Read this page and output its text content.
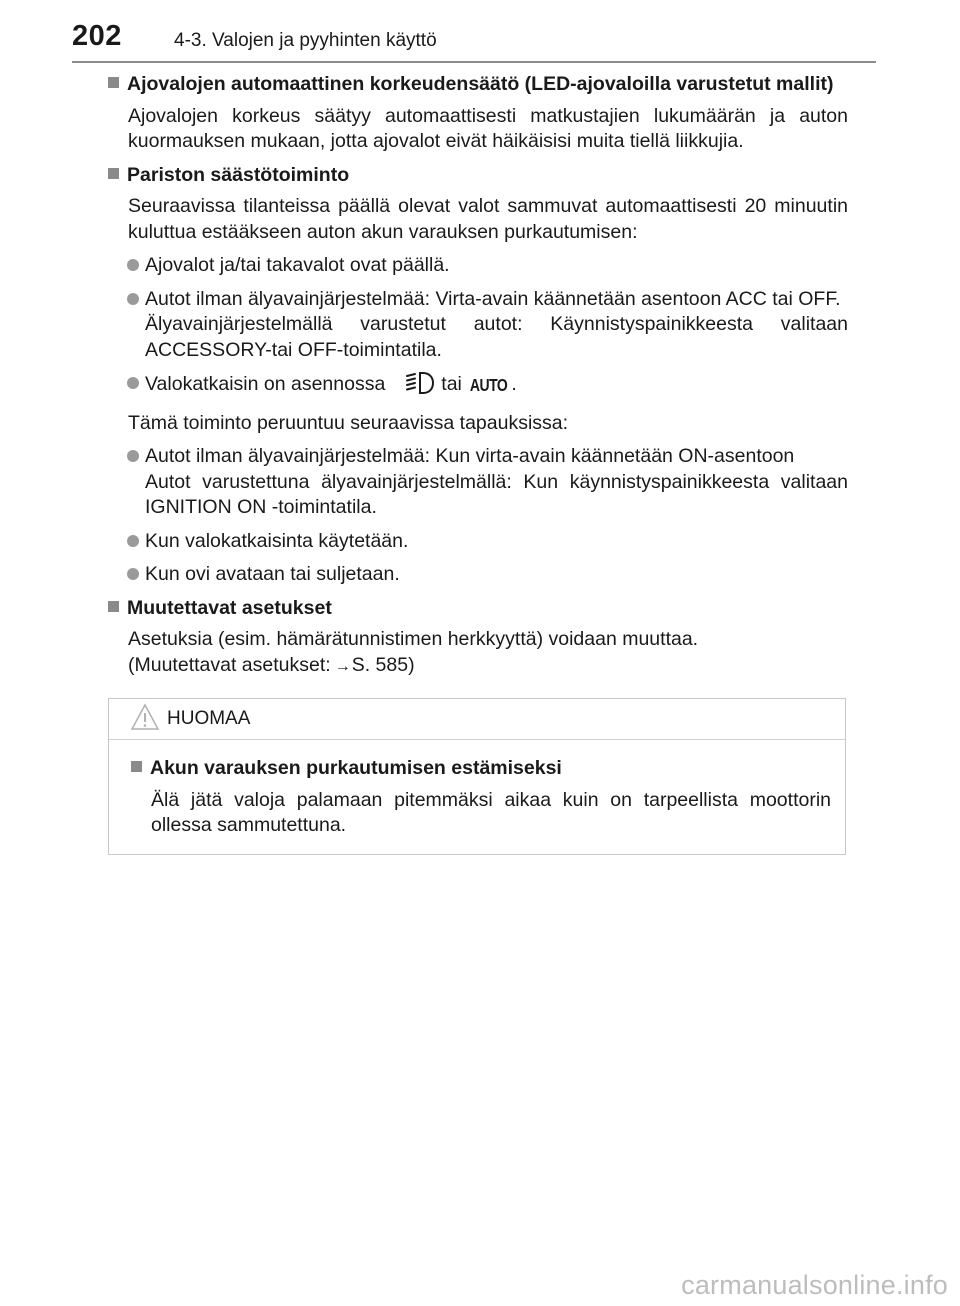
202	4-3. Valojen ja pyyhinten käyttö
Ajovalojen automaattinen korkeudensäätö (LED-ajovaloilla varustetut mallit)
Ajovalojen korkeus säätyy automaattisesti matkustajien lukumäärän ja auton kuormauksen mukaan, jotta ajovalot eivät häikäisisi muita tiellä liikkujia.
Pariston säästötoiminto
Seuraavissa tilanteissa päällä olevat valot sammuvat automaattisesti 20 minuutin kuluttua estääkseen auton akun varauksen purkautumisen:
Ajovalot ja/tai takavalot ovat päällä.
Autot ilman älyavainjärjestelmää: Virta-avain käännetään asentoon ACC tai OFF.
Älyavainjärjestelmällä varustetut autot: Käynnistyspainikkeesta valitaan ACCESSORY-tai OFF-toimintatila.
Valokatkaisin on asennossa	tai AUTO .
Tämä toiminto peruuntuu seuraavissa tapauksissa:
Autot ilman älyavainjärjestelmää: Kun virta-avain käännetään ON-asentoon
Autot varustettuna älyavainjärjestelmällä: Kun käynnistyspainikkeesta valitaan IGNITION ON -toimintatila.
Kun valokatkaisinta käytetään.
Kun ovi avataan tai suljetaan.
Muutettavat asetukset
Asetuksia (esim. hämärätunnistimen herkkyyttä) voidaan muuttaa.
(Muutettavat asetukset: →S. 585)
HUOMAA
Akun varauksen purkautumisen estämiseksi
Älä jätä valoja palamaan pitemmäksi aikaa kuin on tarpeellista moottorin ollessa sammutettuna.
carmanualsonline.info
